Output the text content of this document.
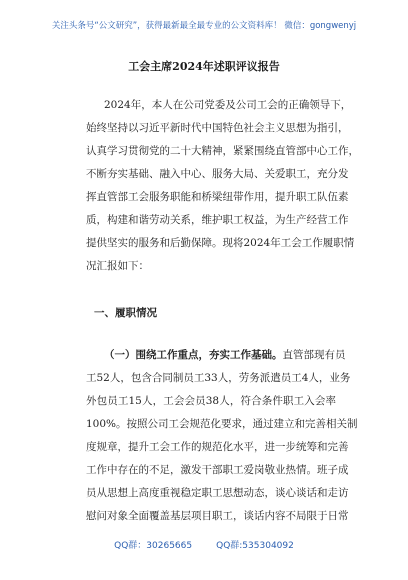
关注头条号“公文研究”，获得最新最全最专业的公文资料库！ 微信：gongwenyj
工会主席2024年述职评议报告
2024年，本人在公司党委及公司工会的正确领导下，
始终坚持以习近平新时代中国特色社会主义思想为指引，
认真学习贯彻党的二十大精神，紧紧围绕直管部中心工作，
不断夯实基础、融入中心、服务大局、关爱职工，充分发
挥直管部工会服务职能和桥梁纽带作用，提升职工队伍素
质，构建和谐劳动关系，维护职工权益，为生产经营工作
提供坚实的服务和后勤保障。现将2024年工会工作履职情
况汇报如下：
一、履职情况
（一）围绕工作重点，夯实工作基础。直管部现有员
工52人，包含合同制员工33人，劳务派遣员工4人，业务
外包员工15人，工会会员38人，符合条件职工入会率
100%。按照公司工会规范化要求，通过建立和完善相关制
度规章，提升工会工作的规范化水平，进一步统筹和完善
工作中存在的不足，激发干部职工爱岗敬业热情。班子成
员从思想上高度重视稳定职工思想动态，谈心谈话和走访
慰问对象全面覆盖基层项目职工，谈话内容不局限于日常
QQ群：30265665	QQ群:535304092
